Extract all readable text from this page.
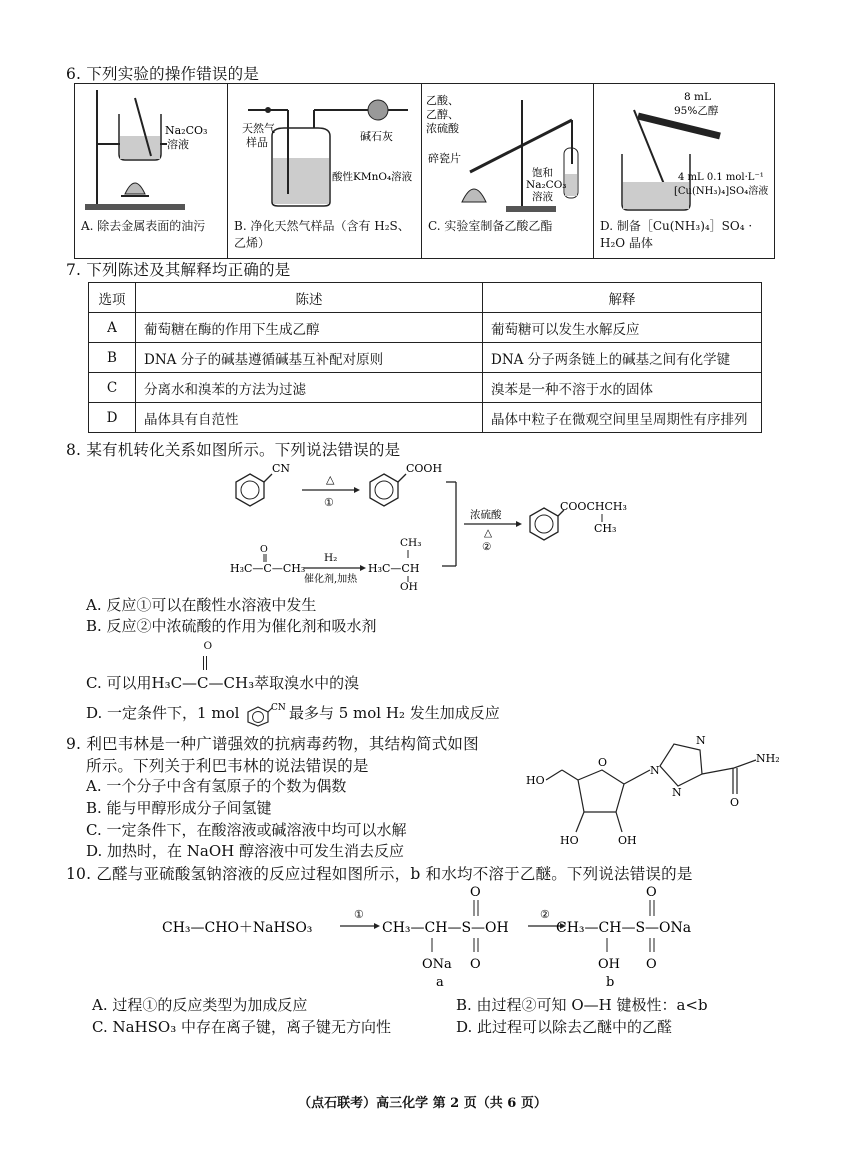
6. 下列实验的操作错误的是
Na₂CO₃
溶液
A. 除去金属表面的油污

天然气
样品	碱石灰
酸性KMnO₄溶液
B. 净化天然气样品（含有 H₂S、乙烯）

乙酸、
乙醇、
浓硫酸
碎瓷片
饱和
Na₂CO₃
溶液
C. 实验室制备乙酸乙酯

8 mL
95%乙醇
4 mL 0.1 mol·L⁻¹
[Cu(NH₃)₄]SO₄溶液
D. 制备［Cu(NH₃)₄］SO₄ · H₂O 晶体
7. 下列陈述及其解释均正确的是
选项	陈述	解释
A	葡萄糖在酶的作用下生成乙醇	葡萄糖可以发生水解反应
B	DNA 分子的碱基遵循碱基互补配对原则	DNA 分子两条链上的碱基之间有化学键
C	分离水和溴苯的方法为过滤	溴苯是一种不溶于水的固体
D	晶体具有自范性	晶体中粒子在微观空间里呈周期性有序排列
8. 某有机转化关系如图所示。下列说法错误的是
CN
△
①
COOH
浓硫酸
△
②
COOCHCH₃
CH₃
O
H₃C—C—CH₃
H₂
催化剂,加热
CH₃
H₃C—CH
OH
A. 反应①可以在酸性水溶液中发生
B. 反应②中浓硫酸的作用为催化剂和吸水剂
C. 可以用
O
H₃C—C—CH₃萃取溴水中的溴
D. 一定条件下，1 mol	CN 最多与 5 mol H₂ 发生加成反应
9. 利巴韦林是一种广谱强效的抗病毒药物，其结构简式如图
所示。下列关于利巴韦林的说法错误的是
A. 一个分子中含有氢原子的个数为偶数
B. 能与甲醇形成分子间氢键
C. 一定条件下，在酸溶液或碱溶液中均可以水解
D. 加热时，在 NaOH 醇溶液中可发生消去反应
HO
O
HO	OH
N
N
N
NH₂
O
10. 乙醛与亚硫酸氢钠溶液的反应过程如图所示，b 和水均不溶于乙醚。下列说法错误的是
CH₃—CHO＋NaHSO₃
①
CH₃—CH—S—OH
O
O
ONa
a
②
CH₃—CH—S—ONa
O
O
OH
b
A. 过程①的反应类型为加成反应	B. 由过程②可知 O—H 键极性：a<b
C. NaHSO₃ 中存在离子键，离子键无方向性	D. 此过程可以除去乙醚中的乙醛
（点石联考）高三化学 第 2 页（共 6 页）
